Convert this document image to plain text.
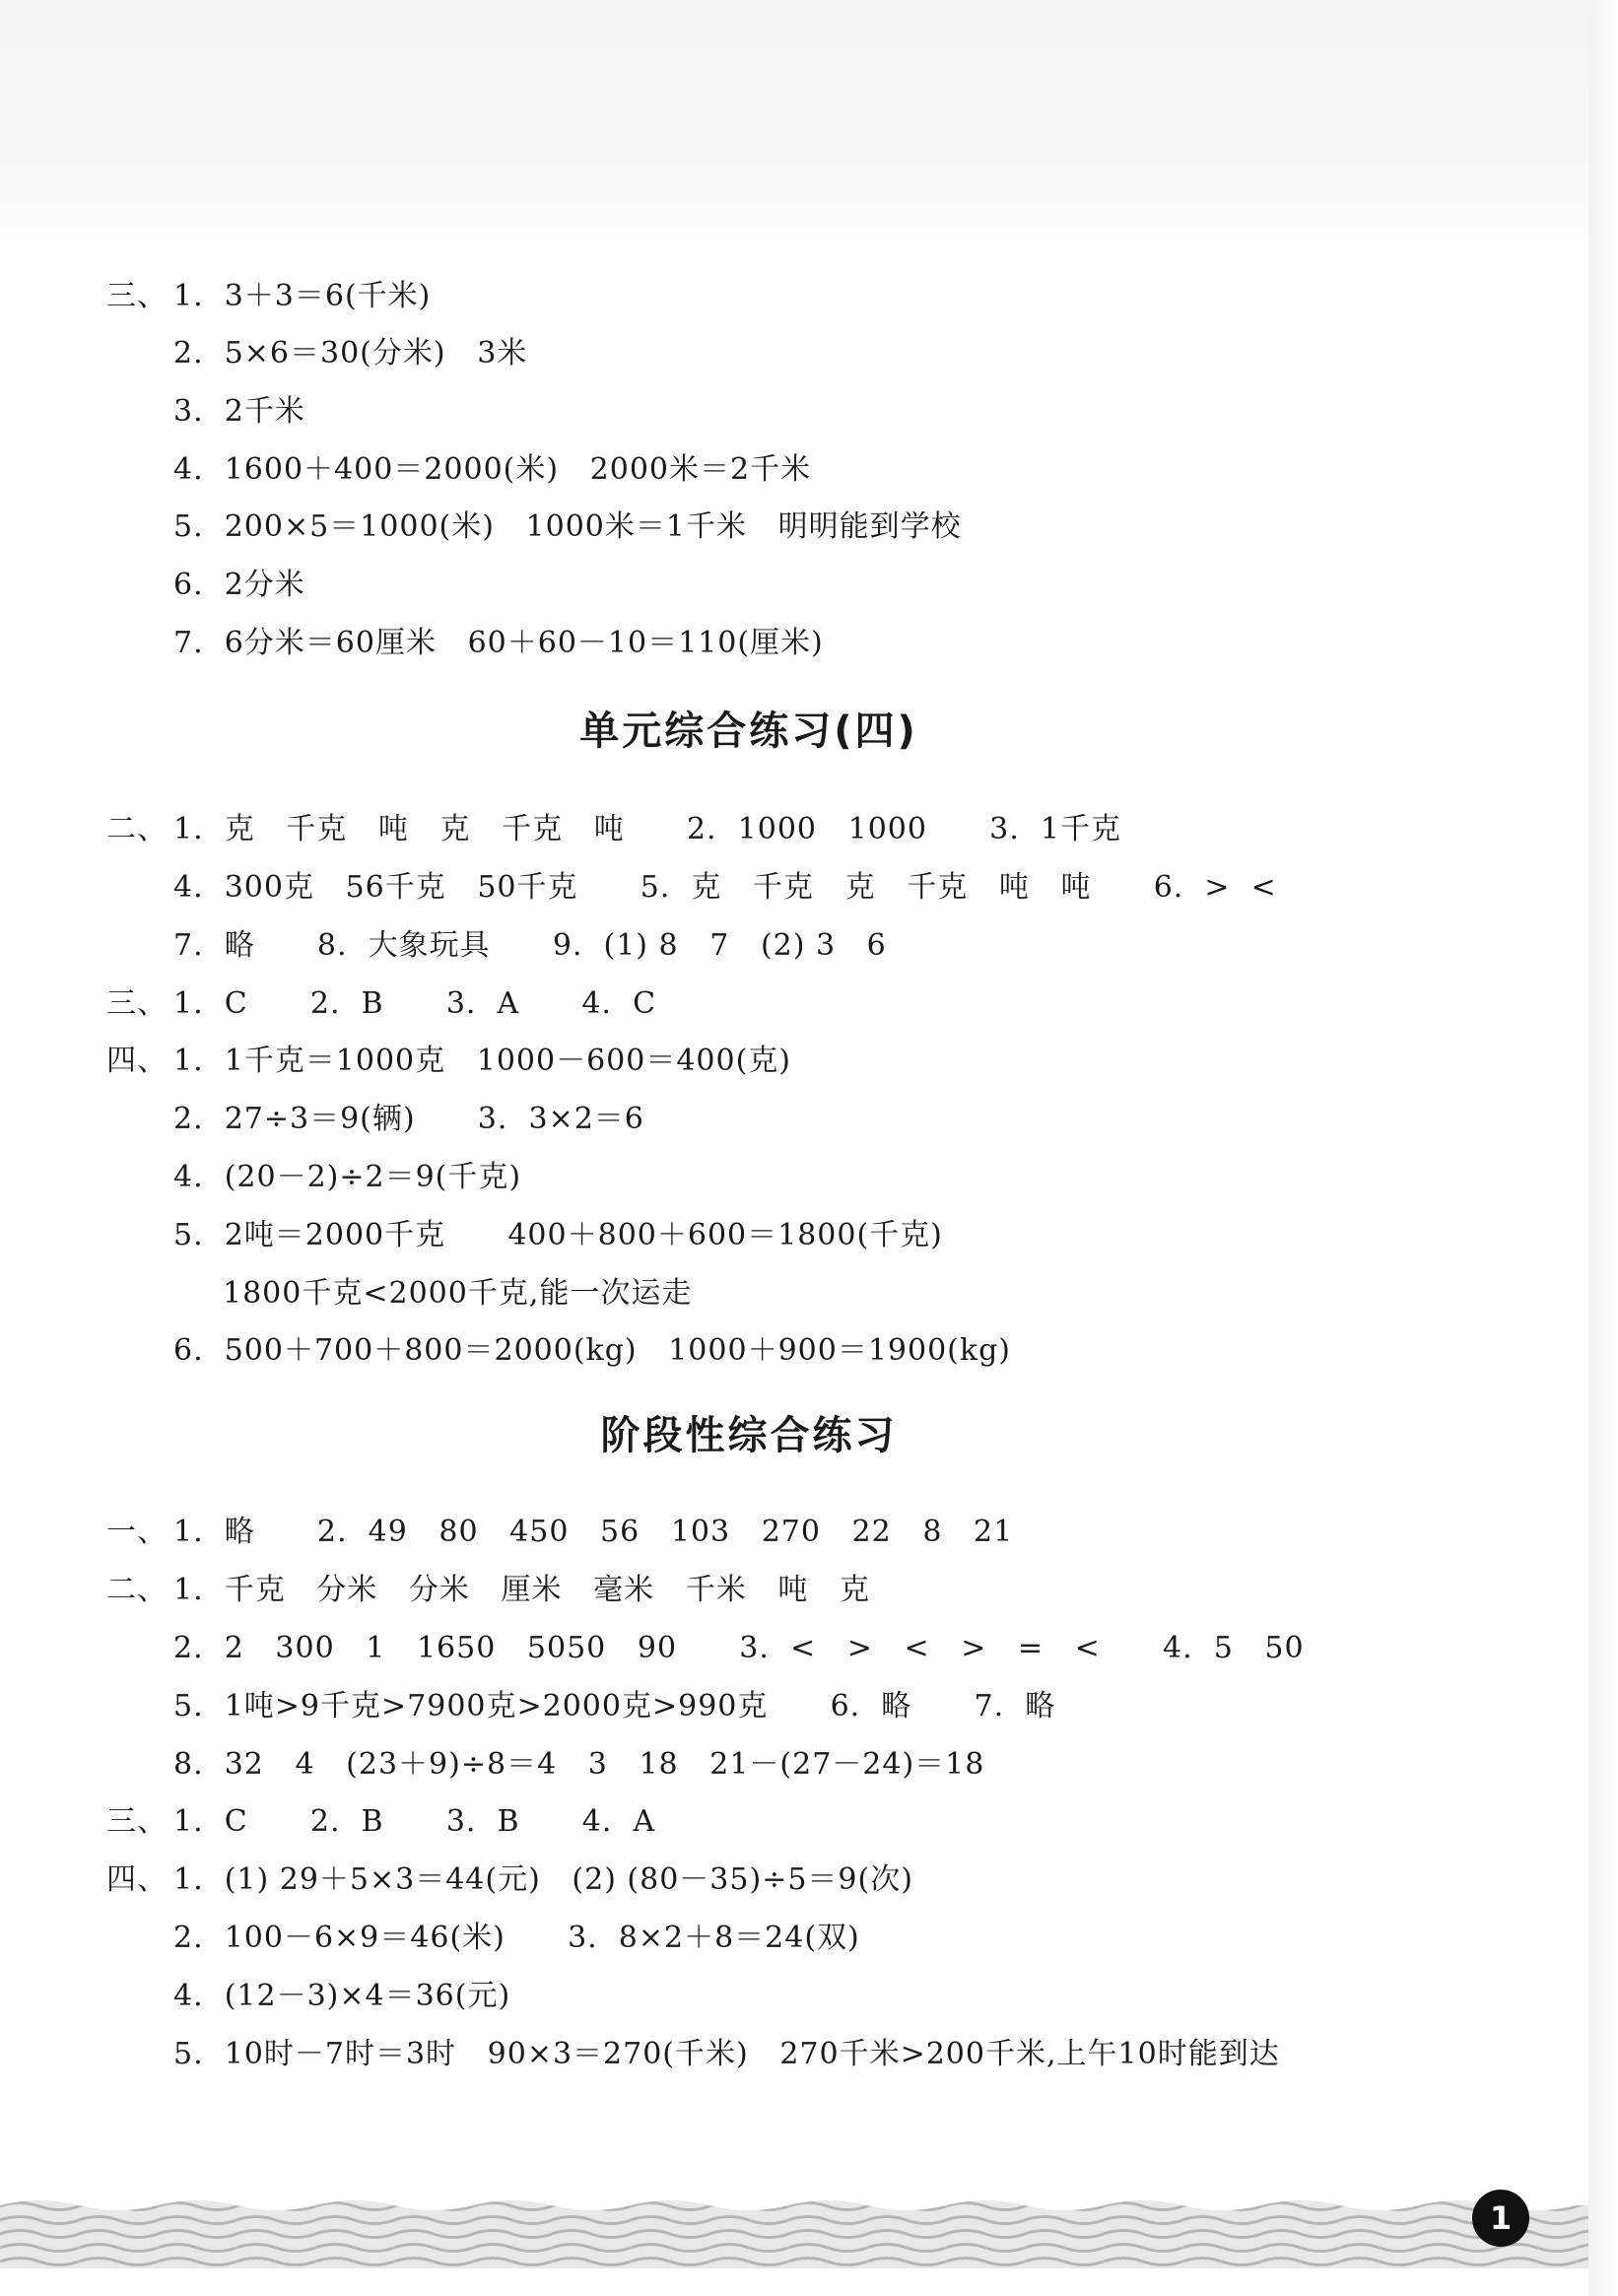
三、 1.  3＋3＝6(千米)
2.  5×6＝30(分米)   3米
3.  2千米
4.  1600＋400＝2000(米)   2000米＝2千米
5.  200×5＝1000(米)   1000米＝1千米   明明能到学校
6.  2分米
7.  6分米＝60厘米   60＋60－10＝110(厘米)
单元综合练习(四)
二、 1.  克   千克   吨   克   千克   吨      2.  1000   1000      3.  1千克
4.  300克   56千克   50千克      5.  克   千克   克   千克   吨   吨      6.  >  <
7.  略      8.  大象玩具      9.  (1) 8   7   (2) 3   6
三、 1.  C      2.  B      3.  A      4.  C
四、 1.  1千克＝1000克   1000－600＝400(克)
2.  27÷3＝9(辆)      3.  3×2＝6
4.  (20－2)÷2＝9(千克)
5.  2吨＝2000千克      400＋800＋600＝1800(千克)
1800千克<2000千克,能一次运走
6.  500＋700＋800＝2000(kg)   1000＋900＝1900(kg)
阶段性综合练习
一、 1.  略      2.  49   80   450   56   103   270   22   8   21
二、 1.  千克   分米   分米   厘米   毫米   千米   吨   克
2.  2   300   1   1650   5050   90      3.  <   >   <   >   =   <      4.  5   50
5.  1吨>9千克>7900克>2000克>990克      6.  略      7.  略
8.  32   4   (23＋9)÷8＝4   3   18   21－(27－24)＝18
三、 1.  C      2.  B      3.  B      4.  A
四、 1.  (1) 29＋5×3＝44(元)   (2) (80－35)÷5＝9(次)
2.  100－6×9＝46(米)      3.  8×2＋8＝24(双)
4.  (12－3)×4＝36(元)
5.  10时－7时＝3时   90×3＝270(千米)   270千米>200千米,上午10时能到达
1
